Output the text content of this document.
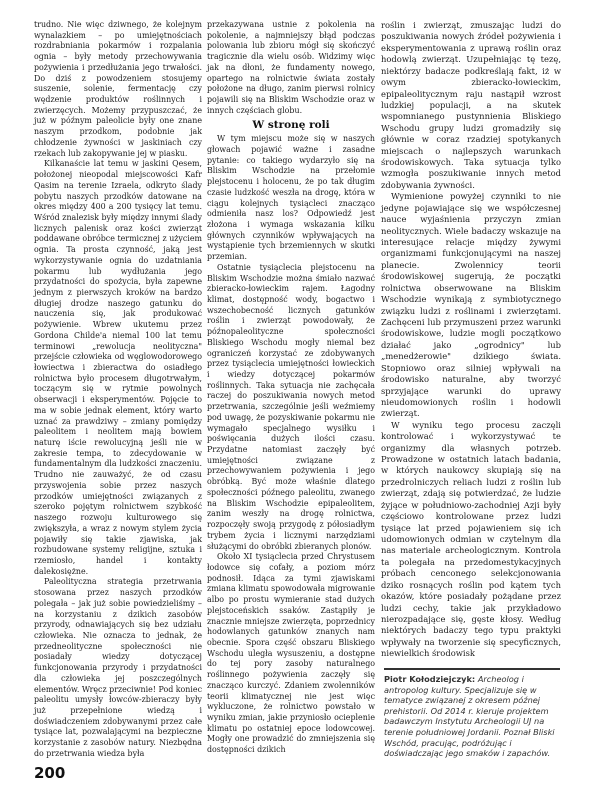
trudno. Nie więc dziwnego, że kolejnym wynalazkiem – po umiejętnościach rozdrabniania pokarmów i rozpalania ognia – były metody przechowywania pożywienia i przedłużania jego trwałości. Do dziś z powodzeniem stosujemy suszenie, solenie, fermentację czy wędzenie produktów roślinnych i zwierzęcych. Możemy przypuszczać, że już w późnym paleolicie były one znane naszym przodkom, podobnie jak chłodzenie żywności w jaskiniach czy rzekach lub zakopywanie jej w piasku.

Kilkanaście lat temu w jaskini Qesem, położonej nieopodal miejscowości Kafr Qasim na terenie Izraela, odkryto ślady pobytu naszych przodków datowane na okres między 400 a 200 tysięcy lat temu. Wśród znalezisk były między innymi ślady licznych palenisk oraz kości zwierząt poddawane obróbce termicznej z użyciem ognia. Ta prosta czynność, jaką jest wykorzystywanie ognia do uzdatniania pokarmu lub wydłużania jego przydatności do spożycia, była zapewne jednym z pierwszych kroków na bardzo długiej drodze naszego gatunku do nauczenia się, jak produkować pożywienie. Wbrew ukutemu przez Gordona Childe'a niemal 100 lat temu terminowi „rewolucja neolityczna" przejście człowieka od węglowodorowego łowiectwa i zbieractwa do osiadłego rolnictwa było procesem długotrwałym, toczącym się w rytmie powolnych obserwacji i eksperymentów. Pojęcie to ma w sobie jednak element, który warto uznać za prawdziwy – zmiany pomiędzy paleolitem i neolitem mają bowiem naturę iście rewolucyjną jeśli nie w zakresie tempa, to zdecydowanie w fundamentalnym dla ludzkości znaczeniu. Trudno nie zauważyć, że od czasu przyswojenia sobie przez naszych przodków umiejętności związanych z szeroko pojętym rolnictwem szybkość naszego rozwoju kulturowego się zwiększyła, a wraz z nowym stylem życia pojawiły się takie zjawiska, jak rozbudowane systemy religijne, sztuka i rzemiosło, handel i kontakty dalekosiężne.

Paleolityczna strategia przetrwania stosowana przez naszych przodków polegała – jak już sobie powiedzieliśmy – na korzystaniu z dzikich zasobów przyrody, odnawiających się bez udziału człowieka. Nie oznacza to jednak, że przedneolityczne społeczności nie posiadały wiedzy dotyczącej funkcjonowania przyrody i przydatności dla człowieka jej poszczególnych elementów. Wręcz przeciwnie! Pod koniec paleolitu umysły łowców-zbieraczy były już przepełnione wiedzą i doświadczeniem zdobywanymi przez całe tysiące lat, pozwalającymi na bezpieczne korzystanie z zasobów natury. Niezbędna do przetrwania wiedza była

przekazywana ustnie z pokolenia na pokolenie, a najmniejszy błąd podczas polowania lub zbioru mógł się skończyć tragicznie dla wielu osób. Widzimy więc jak na dłoni, że fundamenty nowego, opartego na rolnictwie świata zostały położone na długo, zanim pierwsi rolnicy pojawili się na Bliskim Wschodzie oraz w innych częściach globu.

W stronę roli

W tym miejscu może się w naszych głowach pojawić ważne i zasadne pytanie: co takiego wydarzyło się na Bliskim Wschodzie na przełomie plejstocenu i holocenu, że po tak długim czasie ludzkość weszła na drogę, która w ciągu kolejnych tysiącleci znacząco odmieniła nasz los? Odpowiedź jest złożona i wymaga wskazania kilku głównych czynników wpływających na wystąpienie tych brzemiennych w skutki przemian.

Ostatnie tysiąclecia plejstocenu na Bliskim Wschodzie można śmiało nazwać zbieracko-łowieckim rajem. Łagodny klimat, dostępność wody, bogactwo i wszechobecność licznych gatunków roślin i zwierząt powodowały, że późnopaleolityczne społeczności Bliskiego Wschodu mogły niemal bez ograniczeń korzystać ze zdobywanych przez tysiąclecia umiejętności łowieckich i wiedzy dotyczącej pokarmów roślinnych. Taka sytuacja nie zachęcała raczej do poszukiwania nowych metod przetrwania, szczególnie jeśli weźmiemy pod uwagę, że pozyskiwanie pokarmu nie wymagało specjalnego wysiłku i poświęcania dużych ilości czasu. Przydatne natomiast zaczęły być umiejętności związane z przechowywaniem pożywienia i jego obróbką. Być może właśnie dlatego społeczności późnego paleolitu, zwanego na Bliskim Wschodzie epipaleolitem, zanim weszły na drogę rolnictwa, rozpoczęły swoją przygodę z półosiadłym trybem życia i licznymi narzędziami służącymi do obróbki zbieranych plonów.

Około XI tysiąclecia przed Chrystusem łodowce się cofały, a poziom mórz podnosił. Idąca za tymi zjawiskami zmiana klimatu spowodowała migrowanie albo po prostu wymieranie stad dużych plejstoceńskich ssaków. Zastąpiły je znacznie mniejsze zwierzęta, poprzednicy hodowlanych gatunków znanych nam obecnie. Spora część obszaru Bliskiego Wschodu uległa wysuszeniu, a dostępne do tej pory zasoby naturalnego roślinnego pożywienia zaczęły się znacząco kurczyć. Zdaniem zwolenników teorii klimatycznej nie jest więc wykluczone, że rolnictwo powstało w wyniku zmian, jakie przyniosło ocieplenie klimatu po ostatniej epoce lodowcowej. Mogły one prowadzić do zmniejszenia się dostępności dzikich

roślin i zwierząt, zmuszając ludzi do poszukiwania nowych źródeł pożywienia i eksperymentowania z uprawą roślin oraz hodowlą zwierząt. Uzupełniając tę tezę, niektórzy badacze podkreślają fakt, iż w owym zbieracko-łowieckim, epipaleolitycznym raju nastąpił wzrost ludzkiej populacji, a na skutek wspomnianego pustynnienia Bliskiego Wschodu grupy ludzi gromadziły się głównie w coraz rzadziej spotykanych miejscach o najlepszych warunkach środowiskowych. Taka sytuacja tylko wzmogła poszukiwanie innych metod zdobywania żywności.

Wymienione powyżej czynniki to nie jedyne pojawiające się we współczesnej nauce wyjaśnienia przyczyn zmian neolitycznych. Wiele badaczy wskazuje na interesujące relacje między żywymi organizmami funkcjonującymi na naszej planecie. Zwolennicy teorii środowiskowej sugerują, że początki rolnictwa obserwowane na Bliskim Wschodzie wynikają z symbiotycznego związku ludzi z roślinami i zwierzętami. Zachęceni lub przymuszeni przez warunki środowiskowe, ludzie mogli początkowo działać jako „ogrodnicy" lub „menedżerowie" dzikiego świata. Stopniowo oraz silniej wpływali na środowisko naturalne, aby tworzyć sprzyjające warunki do uprawy nieudomowionych roślin i hodowli zwierząt.

W wyniku tego procesu zaczęli kontrolować i wykorzystywać te organizmy dla własnych potrzeb. Prowadzone w ostatnich latach badania, w których naukowcy skupiają się na przedrolniczych reliach ludzi z roślin lub zwierząt, zdają się potwierdzać, że ludzie żyjące w południowo-zachodniej Azji były częściowo kontrolowane przez ludzi tysiące lat przed pojawieniem się ich udomowionych odmian w czytelnym dla nas materiale archeologicznym. Kontrola ta polegała na przedomestykacyjnych próbach cenconego selekcjonowania dziko rosnących roślin pod kątem tych okazów, które posiadały pożądane przez ludzi cechy, takie jak przykładowo nierozpadające się, gęste kłosy. Według niektórych badaczy tego typu praktyki wpływały na tworzenie się specyficznych, niewielkich środowisk

Piotr Kołodziejczyk: Archeolog i antropolog kultury. Specjalizuje się w tematyce związanej z okresem późnej prehistorii. Od 2014 r. kieruje projektem badawczym Instytutu Archeologii UJ na terenie południowej Jordanii. Poznał Bliski Wschód, pracując, podróżując i doświadczając jego smaków i zapachów.
200
